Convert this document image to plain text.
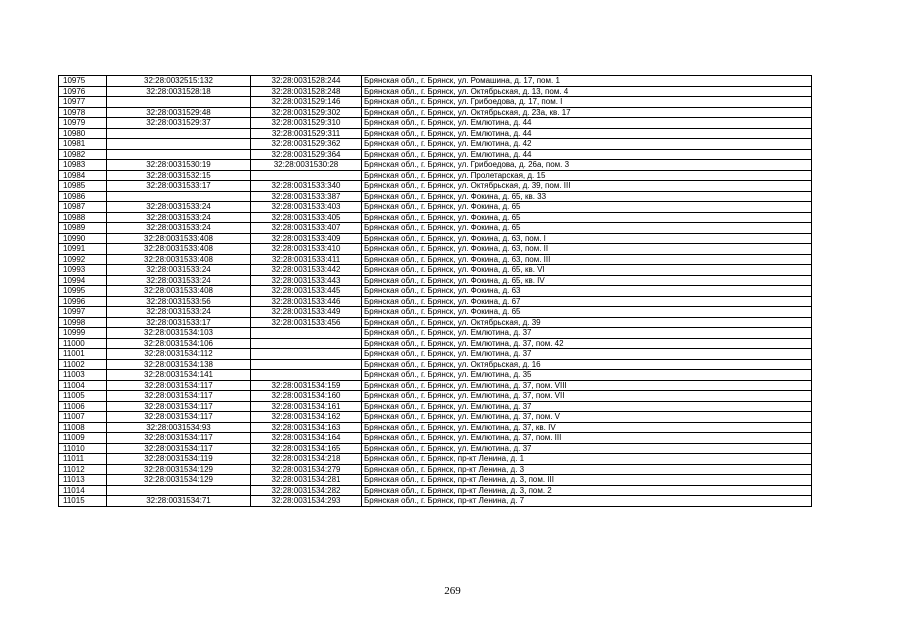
10975	32:28:0032515:132	32:28:0031528:244	Брянская обл., г. Брянск, ул. Ромашина, д. 17, пом. 1
10976	32:28:0031528:18	32:28:0031528:248	Брянская обл., г. Брянск, ул. Октябрьская, д. 13, пом. 4
10977		32:28:0031529:146	Брянская обл., г. Брянск, ул. Грибоедова, д. 17, пом. I
10978	32:28:0031529:48	32:28:0031529:302	Брянская обл., г. Брянск, ул. Октябрьская, д. 23а, кв. 17
10979	32:28:0031529:37	32:28:0031529:310	Брянская обл., г. Брянск, ул. Емлютина, д. 44
10980		32:28:0031529:311	Брянская обл., г. Брянск, ул. Емлютина, д. 44
10981		32:28:0031529:362	Брянская обл., г. Брянск, ул. Емлютина, д. 42
10982		32:28:0031529:364	Брянская обл., г. Брянск, ул. Емлютина, д. 44
10983	32:28:0031530:19	32:28:0031530:28	Брянская обл., г. Брянск, ул. Грибоедова, д. 26а, пом. 3
10984	32:28:0031532:15		Брянская обл., г. Брянск, ул. Пролетарская, д. 15
10985	32:28:0031533:17	32:28:0031533:340	Брянская обл., г. Брянск, ул. Октябрьская, д. 39, пом. III
10986		32:28:0031533:387	Брянская обл., г. Брянск, ул. Фокина, д. 65, кв. 33
10987	32:28:0031533:24	32:28:0031533:403	Брянская обл., г. Брянск, ул. Фокина, д. 65
10988	32:28:0031533:24	32:28:0031533:405	Брянская обл., г. Брянск, ул. Фокина, д. 65
10989	32:28:0031533:24	32:28:0031533:407	Брянская обл., г. Брянск, ул. Фокина, д. 65
10990	32:28:0031533:408	32:28:0031533:409	Брянская обл., г. Брянск, ул. Фокина, д. 63, пом. I
10991	32:28:0031533:408	32:28:0031533:410	Брянская обл., г. Брянск, ул. Фокина, д. 63, пом. II
10992	32:28:0031533:408	32:28:0031533:411	Брянская обл., г. Брянск, ул. Фокина, д. 63, пом. III
10993	32:28:0031533:24	32:28:0031533:442	Брянская обл., г. Брянск, ул. Фокина, д. 65, кв. VI
10994	32:28:0031533:24	32:28:0031533:443	Брянская обл., г. Брянск, ул. Фокина, д. 65, кв. IV
10995	32:28:0031533:408	32:28:0031533:445	Брянская обл., г. Брянск, ул. Фокина, д. 63
10996	32:28:0031533:56	32:28:0031533:446	Брянская обл., г. Брянск, ул. Фокина, д. 67
10997	32:28:0031533:24	32:28:0031533:449	Брянская обл., г. Брянск, ул. Фокина, д. 65
10998	32:28:0031533:17	32:28:0031533:456	Брянская обл., г. Брянск, ул. Октябрьская, д. 39
10999	32:28:0031534:103		Брянская обл., г. Брянск, ул. Емлютина, д. 37
11000	32:28:0031534:106		Брянская обл., г. Брянск, ул. Емлютина, д. 37, пом. 42
11001	32:28:0031534:112		Брянская обл., г. Брянск, ул. Емлютина, д. 37
11002	32:28:0031534:138		Брянская обл., г. Брянск, ул. Октябрьская, д. 16
11003	32:28:0031534:141		Брянская обл., г. Брянск, ул. Емлютина, д. 35
11004	32:28:0031534:117	32:28:0031534:159	Брянская обл., г. Брянск, ул. Емлютина, д. 37, пом. VIII
11005	32:28:0031534:117	32:28:0031534:160	Брянская обл., г. Брянск, ул. Емлютина, д. 37, пом. VII
11006	32:28:0031534:117	32:28:0031534:161	Брянская обл., г. Брянск, ул. Емлютина, д. 37
11007	32:28:0031534:117	32:28:0031534:162	Брянская обл., г. Брянск, ул. Емлютина, д. 37, пом. V
11008	32:28:0031534:93	32:28:0031534:163	Брянская обл., г. Брянск, ул. Емлютина, д. 37, кв. IV
11009	32:28:0031534:117	32:28:0031534:164	Брянская обл., г. Брянск, ул. Емлютина, д. 37, пом. III
11010	32:28:0031534:117	32:28:0031534:165	Брянская обл., г. Брянск, ул. Емлютина, д. 37
11011	32:28:0031534:119	32:28:0031534:218	Брянская обл., г. Брянск, пр-кт Ленина, д. 1
11012	32:28:0031534:129	32:28:0031534:279	Брянская обл., г. Брянск, пр-кт Ленина, д. 3
11013	32:28:0031534:129	32:28:0031534:281	Брянская обл., г. Брянск, пр-кт Ленина, д. 3, пом. III
11014		32:28:0031534:282	Брянская обл., г. Брянск, пр-кт Ленина, д. 3, пом. 2
11015	32:28:0031534:71	32:28:0031534:293	Брянская обл., г. Брянск, пр-кт Ленина, д. 7
269
